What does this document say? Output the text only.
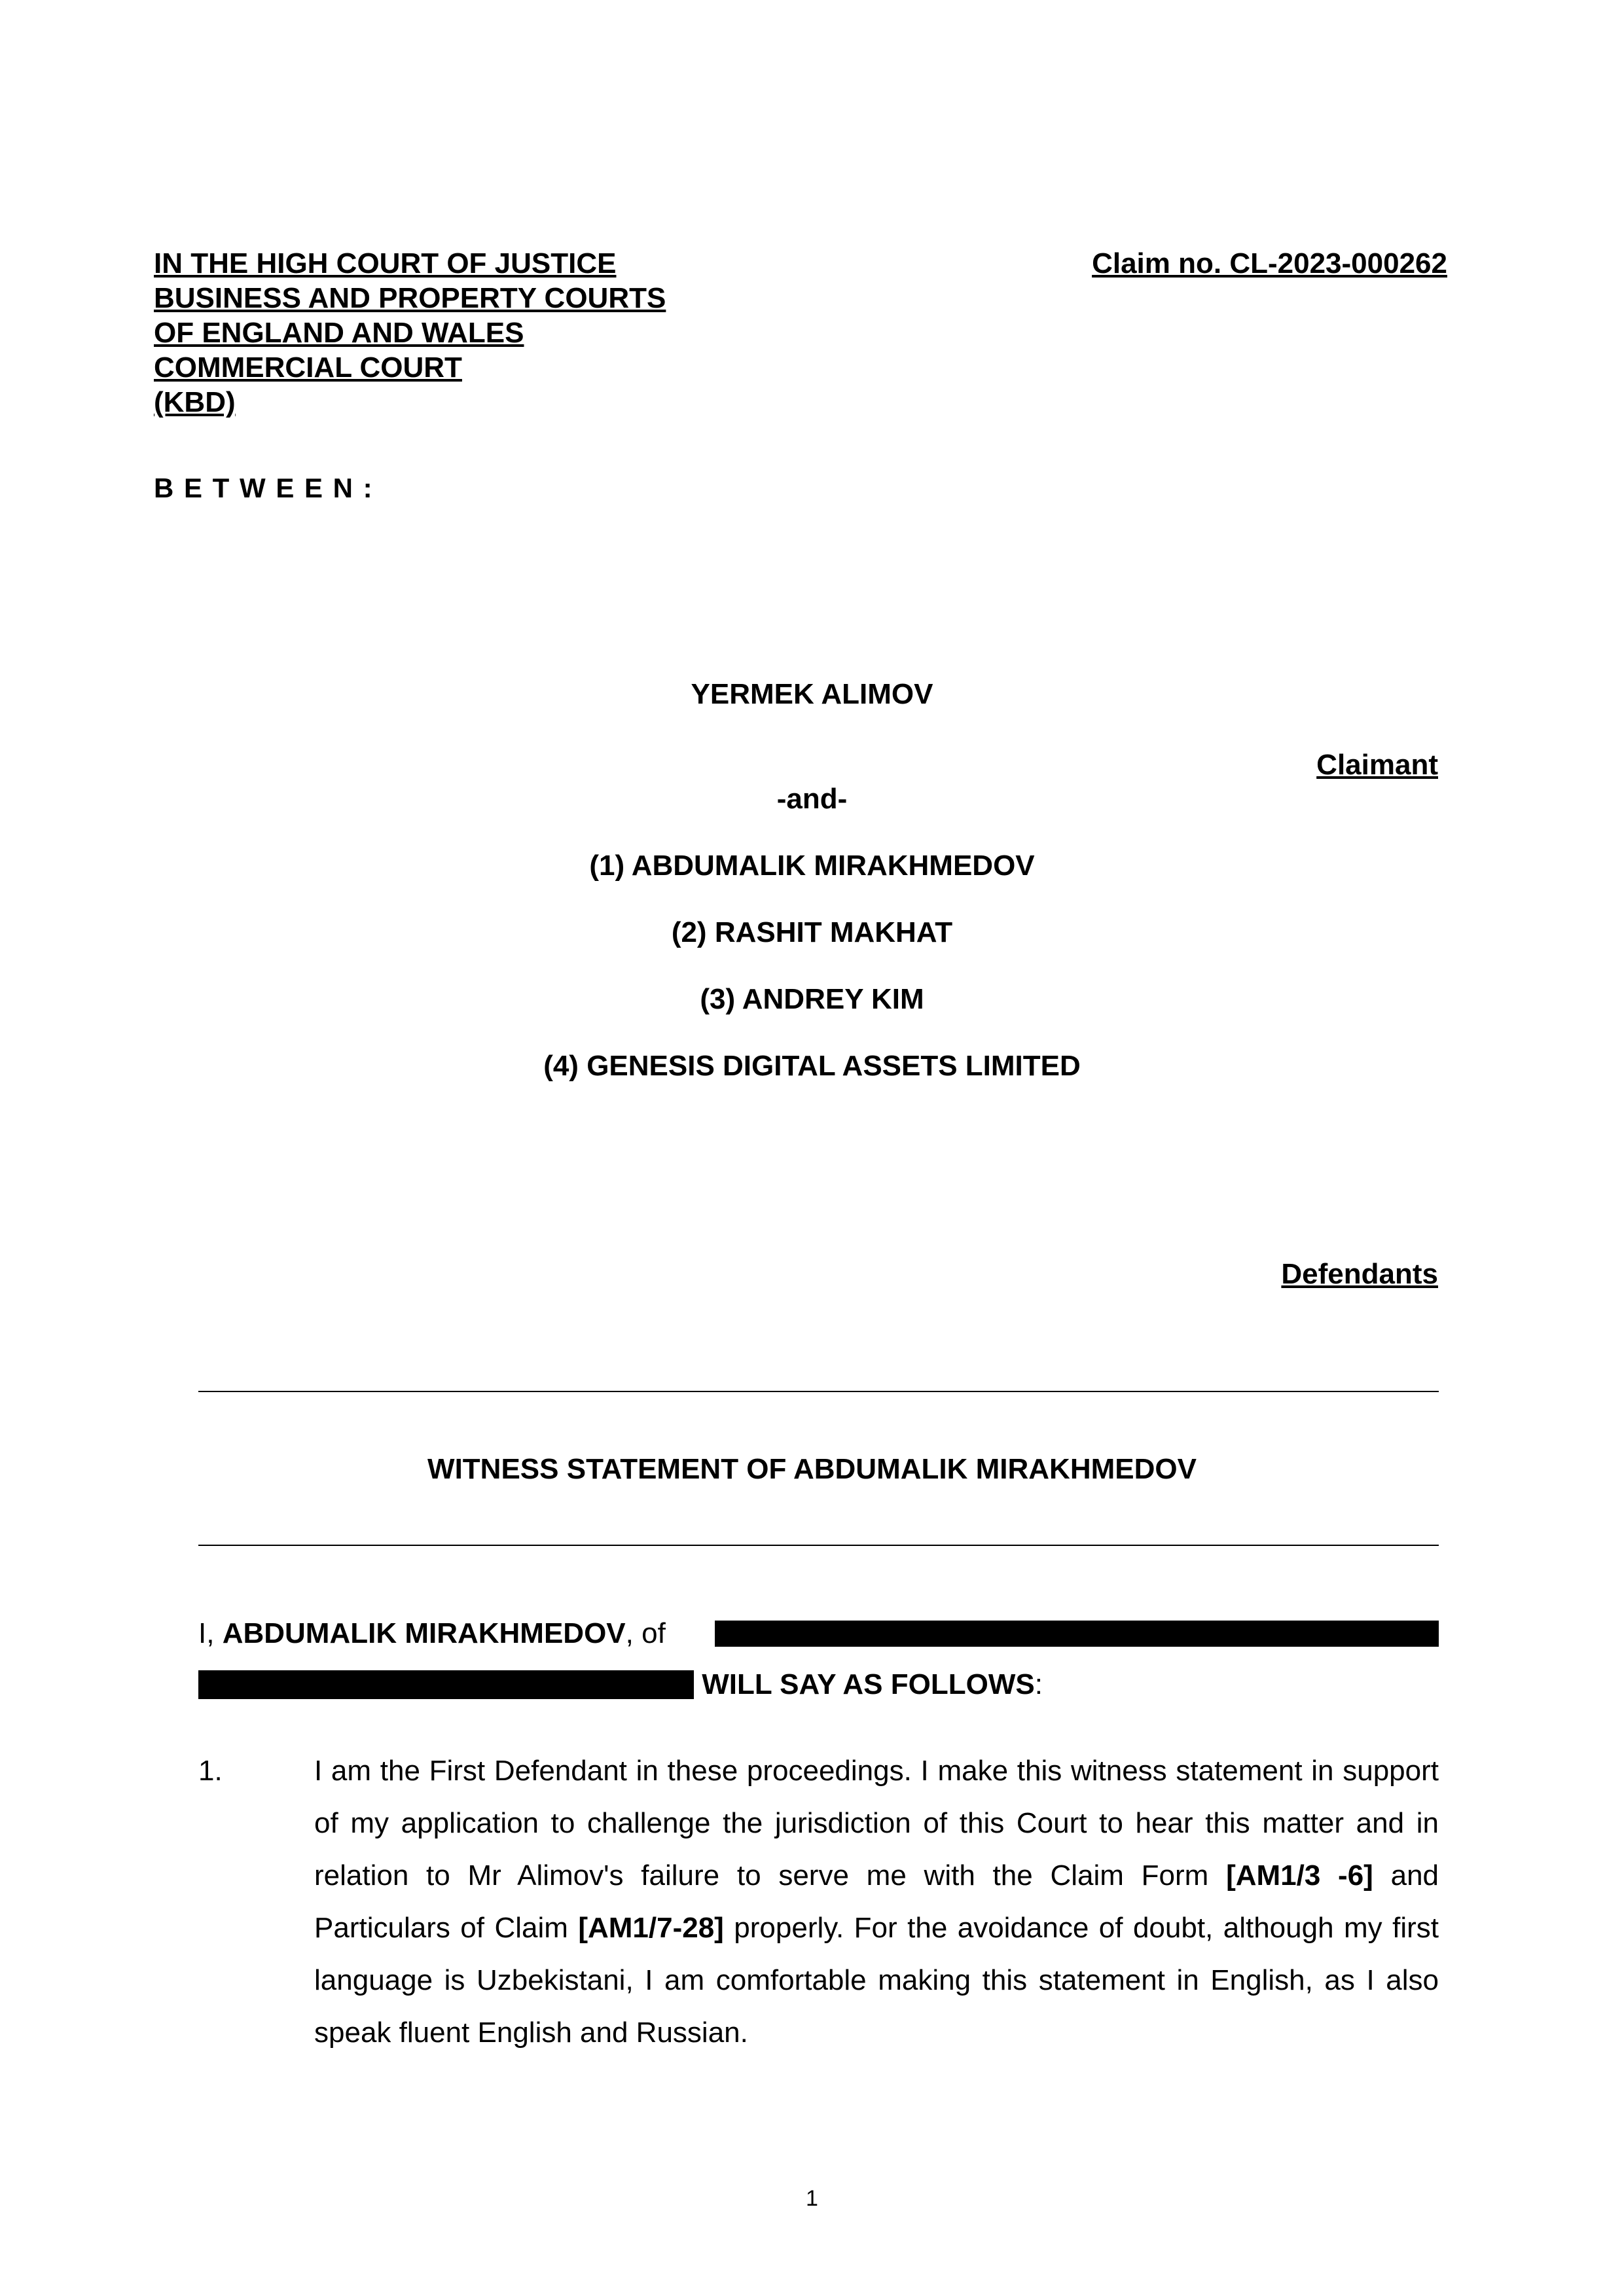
IN THE HIGH COURT OF JUSTICE
BUSINESS AND PROPERTY COURTS
OF ENGLAND AND WALES
COMMERCIAL COURT
(KBD)
Claim no. CL-2023-000262
B E T W E E N :
YERMEK ALIMOV
Claimant
-and-
(1) ABDUMALIK MIRAKHMEDOV
(2) RASHIT MAKHAT
(3) ANDREY KIM
(4) GENESIS DIGITAL ASSETS LIMITED
Defendants
WITNESS STATEMENT OF ABDUMALIK MIRAKHMEDOV
I, ABDUMALIK MIRAKHMEDOV, of
WILL SAY AS FOLLOWS:
1.	I am the First Defendant in these proceedings. I make this witness statement in support of my application to challenge the jurisdiction of this Court to hear this matter and in relation to Mr Alimov's failure to serve me with the Claim Form [AM1/3 -6] and Particulars of Claim [AM1/7-28] properly. For the avoidance of doubt, although my first language is Uzbekistani, I am comfortable making this statement in English, as I also speak fluent English and Russian.

1
